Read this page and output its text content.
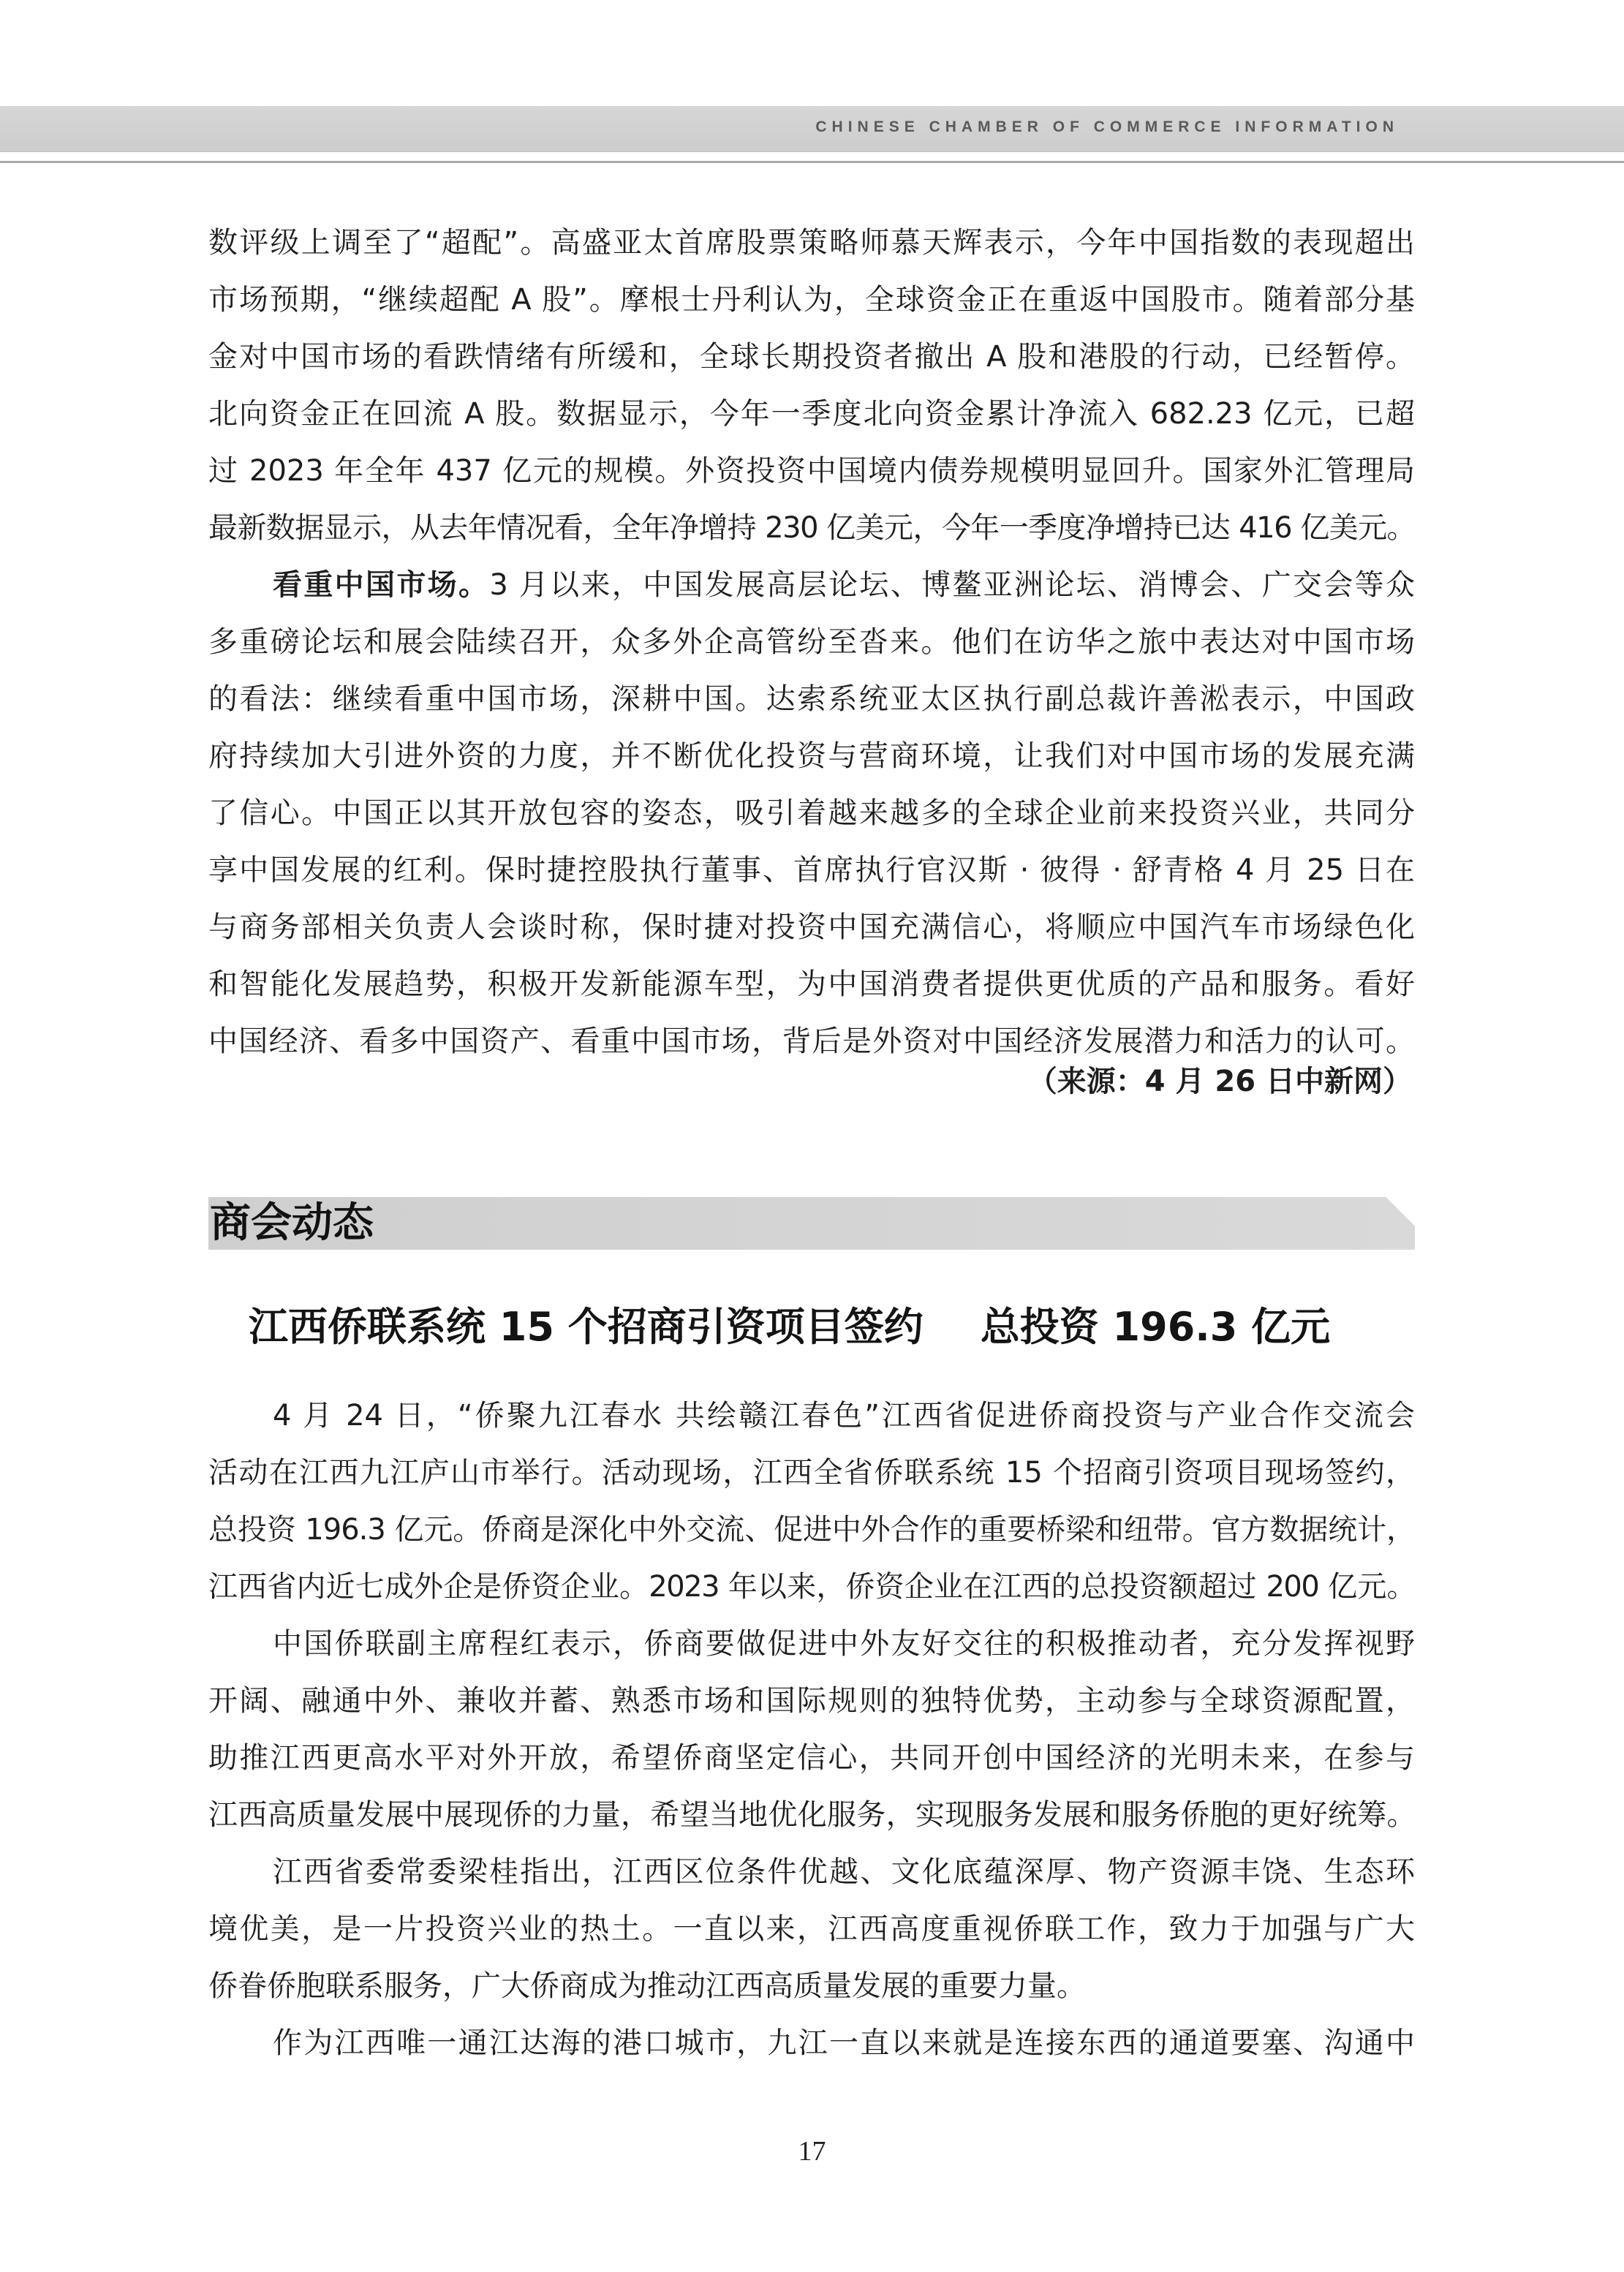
CHINESE CHAMBER OF COMMERCE INFORMATION
数评级上调至了“超配”。高盛亚太首席股票策略师慕天辉表示，今年中国指数的表现超出
市场预期，“继续超配 A 股”。摩根士丹利认为，全球资金正在重返中国股市。随着部分基
金对中国市场的看跌情绪有所缓和，全球长期投资者撤出 A 股和港股的行动，已经暂停。
北向资金正在回流 A 股。数据显示，今年一季度北向资金累计净流入 682.23 亿元，已超
过 2023 年全年 437 亿元的规模。外资投资中国境内债券规模明显回升。国家外汇管理局
最新数据显示，从去年情况看，全年净增持 230 亿美元，今年一季度净增持已达 416 亿美元。
看重中国市场。3 月以来，中国发展高层论坛、博鳌亚洲论坛、消博会、广交会等众
多重磅论坛和展会陆续召开，众多外企高管纷至沓来。他们在访华之旅中表达对中国市场
的看法：继续看重中国市场，深耕中国。达索系统亚太区执行副总裁许善淞表示，中国政
府持续加大引进外资的力度，并不断优化投资与营商环境，让我们对中国市场的发展充满
了信心。中国正以其开放包容的姿态，吸引着越来越多的全球企业前来投资兴业，共同分
享中国发展的红利。保时捷控股执行董事、首席执行官汉斯 · 彼得 · 舒青格 4 月 25 日在
与商务部相关负责人会谈时称，保时捷对投资中国充满信心，将顺应中国汽车市场绿色化
和智能化发展趋势，积极开发新能源车型，为中国消费者提供更优质的产品和服务。看好
中国经济、看多中国资产、看重中国市场，背后是外资对中国经济发展潜力和活力的认可。
（来源：4 月 26 日中新网）
商会动态
江西侨联系统 15 个招商引资项目签约 总投资 196.3 亿元
4 月 24 日，“侨聚九江春水 共绘赣江春色”江西省促进侨商投资与产业合作交流会
活动在江西九江庐山市举行。活动现场，江西全省侨联系统 15 个招商引资项目现场签约，
总投资 196.3 亿元。侨商是深化中外交流、促进中外合作的重要桥梁和纽带。官方数据统计，
江西省内近七成外企是侨资企业。2023 年以来，侨资企业在江西的总投资额超过 200 亿元。
中国侨联副主席程红表示，侨商要做促进中外友好交往的积极推动者，充分发挥视野
开阔、融通中外、兼收并蓄、熟悉市场和国际规则的独特优势，主动参与全球资源配置，
助推江西更高水平对外开放，希望侨商坚定信心，共同开创中国经济的光明未来，在参与
江西高质量发展中展现侨的力量，希望当地优化服务，实现服务发展和服务侨胞的更好统筹。
江西省委常委梁桂指出，江西区位条件优越、文化底蕴深厚、物产资源丰饶、生态环
境优美，是一片投资兴业的热土。一直以来，江西高度重视侨联工作，致力于加强与广大
侨眷侨胞联系服务，广大侨商成为推动江西高质量发展的重要力量。
作为江西唯一通江达海的港口城市，九江一直以来就是连接东西的通道要塞、沟通中
17
